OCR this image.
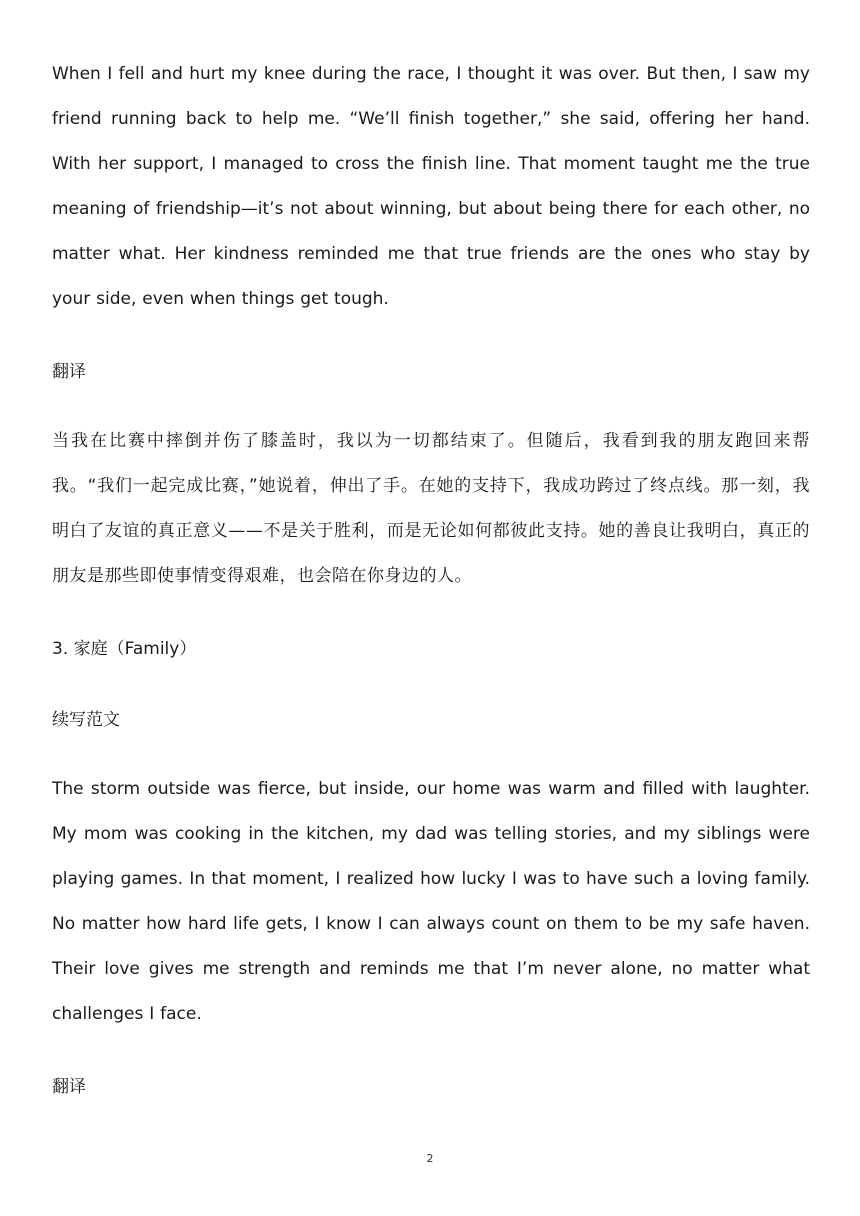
When I fell and hurt my knee during the race, I thought it was over. But then, I saw my friend running back to help me. “We’ll finish together,” she said, offering her hand. With her support, I managed to cross the finish line. That moment taught me the true meaning of friendship—it’s not about winning, but about being there for each other, no matter what. Her kindness reminded me that true friends are the ones who stay by your side, even when things get tough.

翻译

当我在比赛中摔倒并伤了膝盖时，我以为一切都结束了。但随后，我看到我的朋友跑回来帮我。“我们一起完成比赛，”她说着，伸出了手。在她的支持下，我成功跨过了终点线。那一刻，我明白了友谊的真正意义——不是关于胜利，而是无论如何都彼此支持。她的善良让我明白，真正的朋友是那些即使事情变得艰难，也会陪在你身边的人。

3. 家庭（Family）
续写范文

The storm outside was fierce, but inside, our home was warm and filled with laughter. My mom was cooking in the kitchen, my dad was telling stories, and my siblings were playing games. In that moment, I realized how lucky I was to have such a loving family. No matter how hard life gets, I know I can always count on them to be my safe haven. Their love gives me strength and reminds me that I’m never alone, no matter what challenges I face.

翻译
2
